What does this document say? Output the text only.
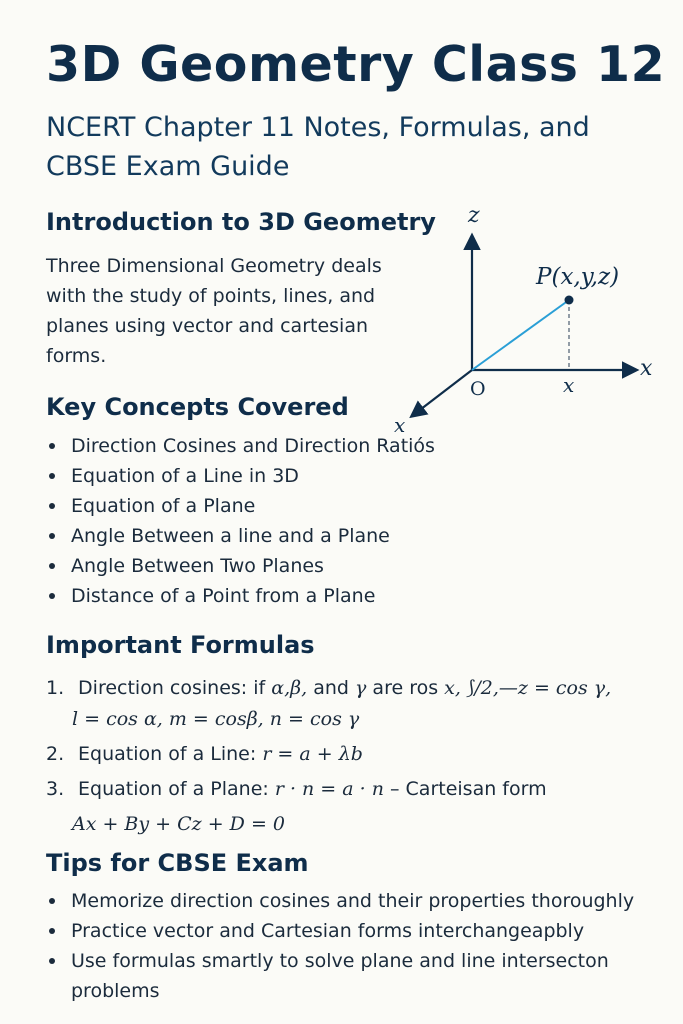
3D Geometry Class 12
NCERT Chapter 11 Notes, Formulas, and
CBSE Exam Guide
Introduction to 3D Geometry
Three Dimensional Geometry deals with the study of points, lines, and planes using vector and cartesian forms.
z
x
x
O	x
P(x,y,z)
Key Concepts Covered
Direction Cosines and Direction Ratiós
Equation of a Line in 3D
Equation of a Plane
Angle Between a line and a Plane
Angle Between Two Planes
Distance of a Point from a Plane
Important Formulas
1. Direction cosines: if α,β, and γ are ros x, ⟆/2,—z = cos γ,
l = cos α, m = cosβ, n = cos γ
2. Equation of a Line: r = a + λb
3. Equation of a Plane: r · n = a · n – Carteisan form
Ax + By + Cz + D = 0
Tips for CBSE Exam
Memorize direction cosines and their properties thoroughly
Practice vector and Cartesian forms interchangeapbly
Use formulas smartly to solve plane and line intersecton problems
